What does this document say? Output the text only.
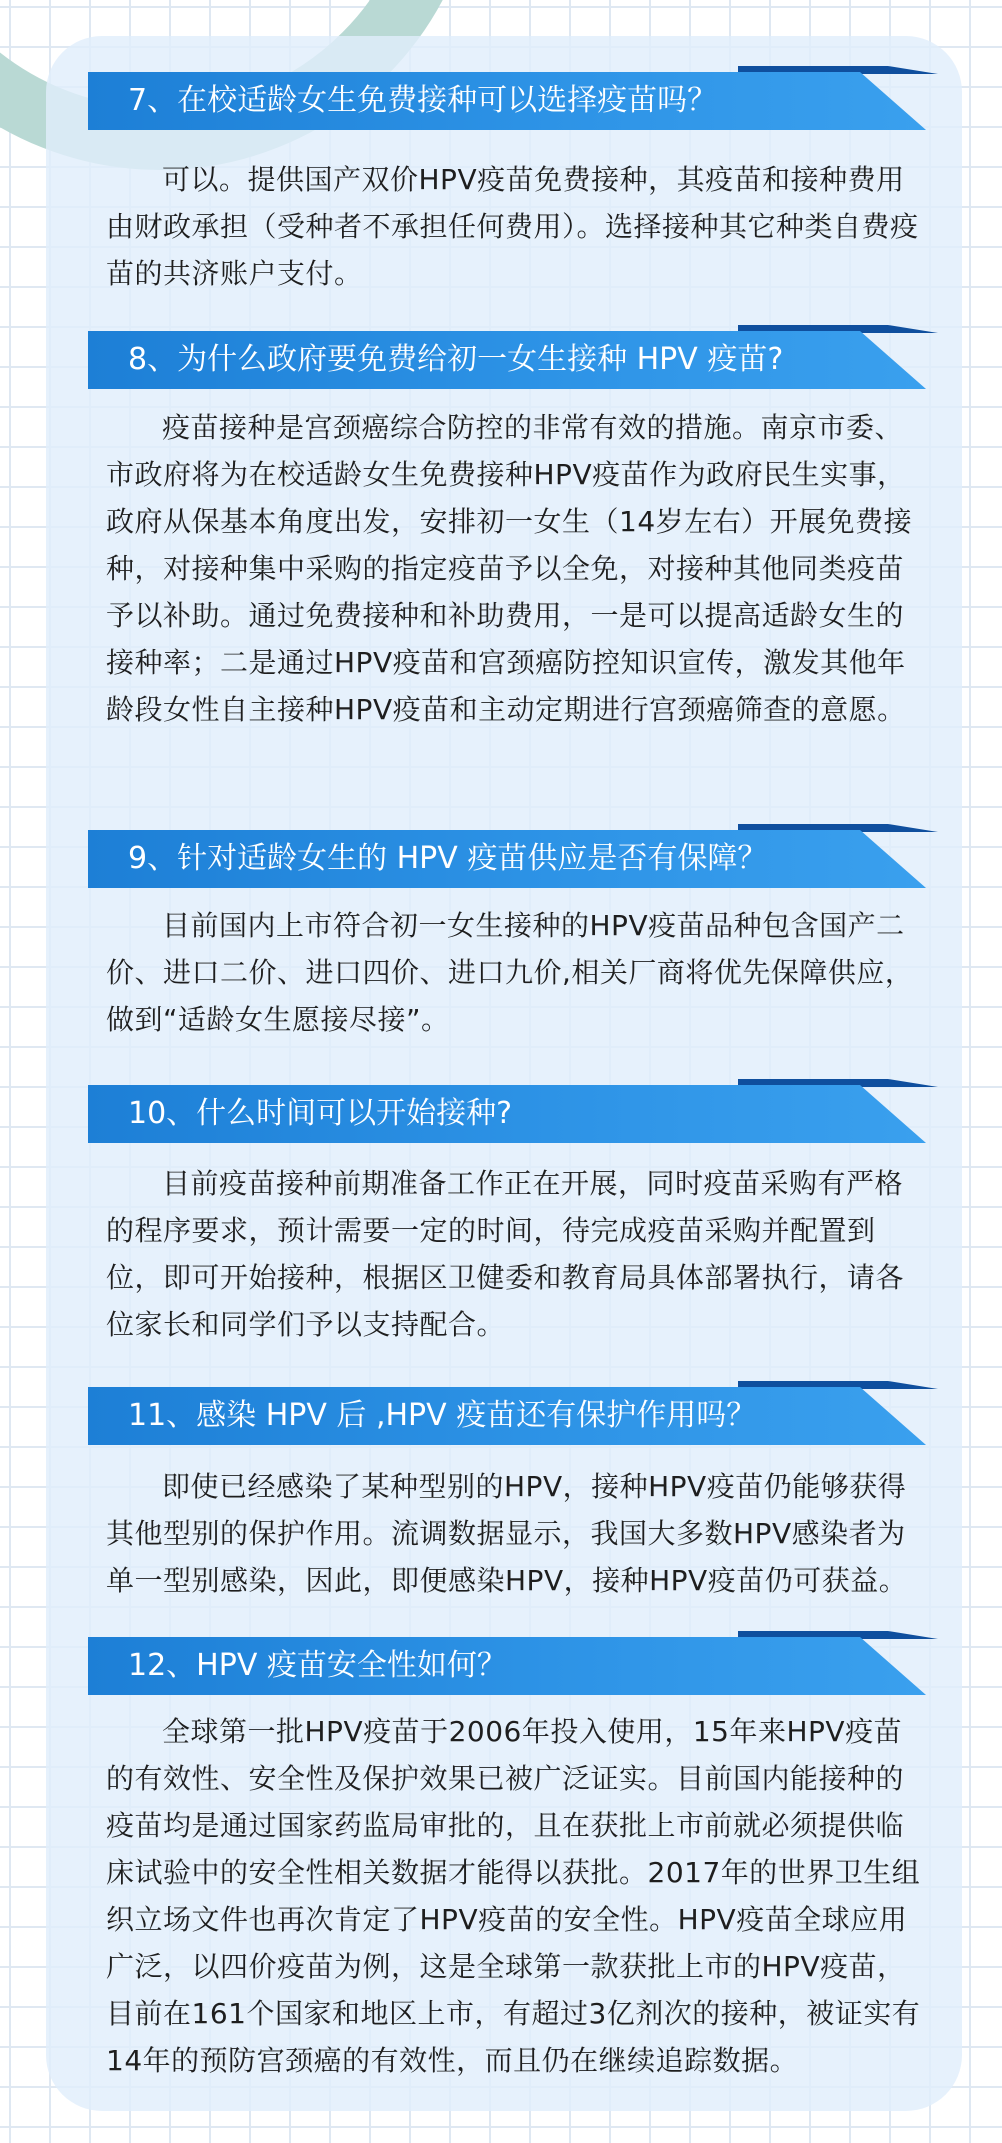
7、在校适龄女生免费接种可以选择疫苗吗？

可以。提供国产双价HPV疫苗免费接种，其疫苗和接种费用由财政承担（受种者不承担任何费用）。选择接种其它种类自费疫苗的共济账户支付。

8、为什么政府要免费给初一女生接种 HPV 疫苗?

疫苗接种是宫颈癌综合防控的非常有效的措施。南京市委、市政府将为在校适龄女生免费接种HPV疫苗作为政府民生实事，政府从保基本角度出发，安排初一女生（14岁左右）开展免费接种，对接种集中采购的指定疫苗予以全免，对接种其他同类疫苗予以补助。通过免费接种和补助费用，一是可以提高适龄女生的接种率；二是通过HPV疫苗和宫颈癌防控知识宣传，激发其他年龄段女性自主接种HPV疫苗和主动定期进行宫颈癌筛查的意愿。

9、针对适龄女生的 HPV 疫苗供应是否有保障？

目前国内上市符合初一女生接种的HPV疫苗品种包含国产二价、进口二价、进口四价、进口九价,相关厂商将优先保障供应，做到“适龄女生愿接尽接”。

10、什么时间可以开始接种?

目前疫苗接种前期准备工作正在开展，同时疫苗采购有严格的程序要求，预计需要一定的时间，待完成疫苗采购并配置到位，即可开始接种，根据区卫健委和教育局具体部署执行，请各位家长和同学们予以支持配合。

11、感染 HPV 后 ,HPV 疫苗还有保护作用吗？

即使已经感染了某种型别的HPV，接种HPV疫苗仍能够获得其他型别的保护作用。流调数据显示，我国大多数HPV感染者为单一型别感染，因此，即便感染HPV，接种HPV疫苗仍可获益。

12、HPV 疫苗安全性如何？

全球第一批HPV疫苗于2006年投入使用，15年来HPV疫苗的有效性、安全性及保护效果已被广泛证实。目前国内能接种的疫苗均是通过国家药监局审批的，且在获批上市前就必须提供临床试验中的安全性相关数据才能得以获批。2017年的世界卫生组织立场文件也再次肯定了HPV疫苗的安全性。HPV疫苗全球应用广泛，以四价疫苗为例，这是全球第一款获批上市的HPV疫苗，目前在161个国家和地区上市，有超过3亿剂次的接种，被证实有14年的预防宫颈癌的有效性，而且仍在继续追踪数据。
